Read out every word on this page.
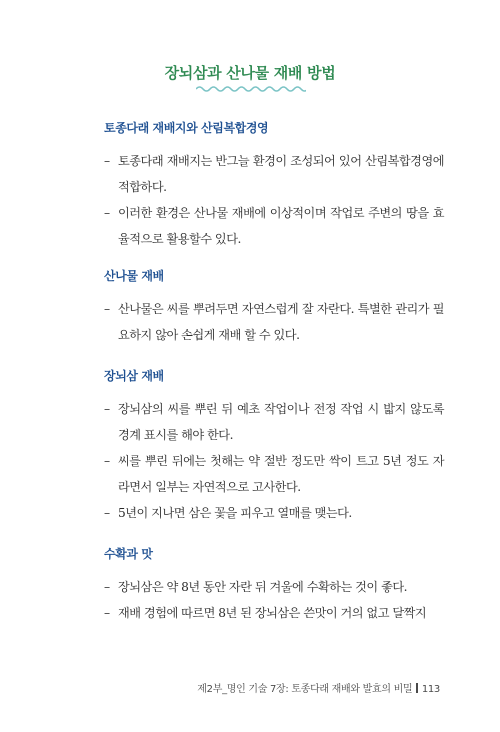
장뇌삼과 산나물 재배 방법
토종다래 재배지와 산림복합경영

– 토종다래 재배지는 반그늘 환경이 조성되어 있어 산림복합경영에 적합하다.

– 이러한 환경은 산나물 재배에 이상적이며 작업로 주변의 땅을 효율적으로 활용할수 있다.

산나물 재배

– 산나물은 씨를 뿌려두면 자연스럽게 잘 자란다. 특별한 관리가 필요하지 않아 손쉽게 재배 할 수 있다.

장뇌삼 재배

– 장뇌삼의 씨를 뿌린 뒤 예초 작업이나 전정 작업 시 밟지 않도록 경계 표시를 해야 한다.

– 씨를 뿌린 뒤에는 첫해는 약 절반 정도만 싹이 트고 5년 정도 자라면서 일부는 자연적으로 고사한다.

– 5년이 지나면 삼은 꽃을 피우고 열매를 맺는다.

수확과 맛

– 장뇌삼은 약 8년 동안 자란 뒤 겨울에 수확하는 것이 좋다.

– 재배 경험에 따르면 8년 된 장뇌삼은 쓴맛이 거의 없고 달짝지

제2부_명인 기술 7장: 토종다래 재배와 발효의 비밀 113
